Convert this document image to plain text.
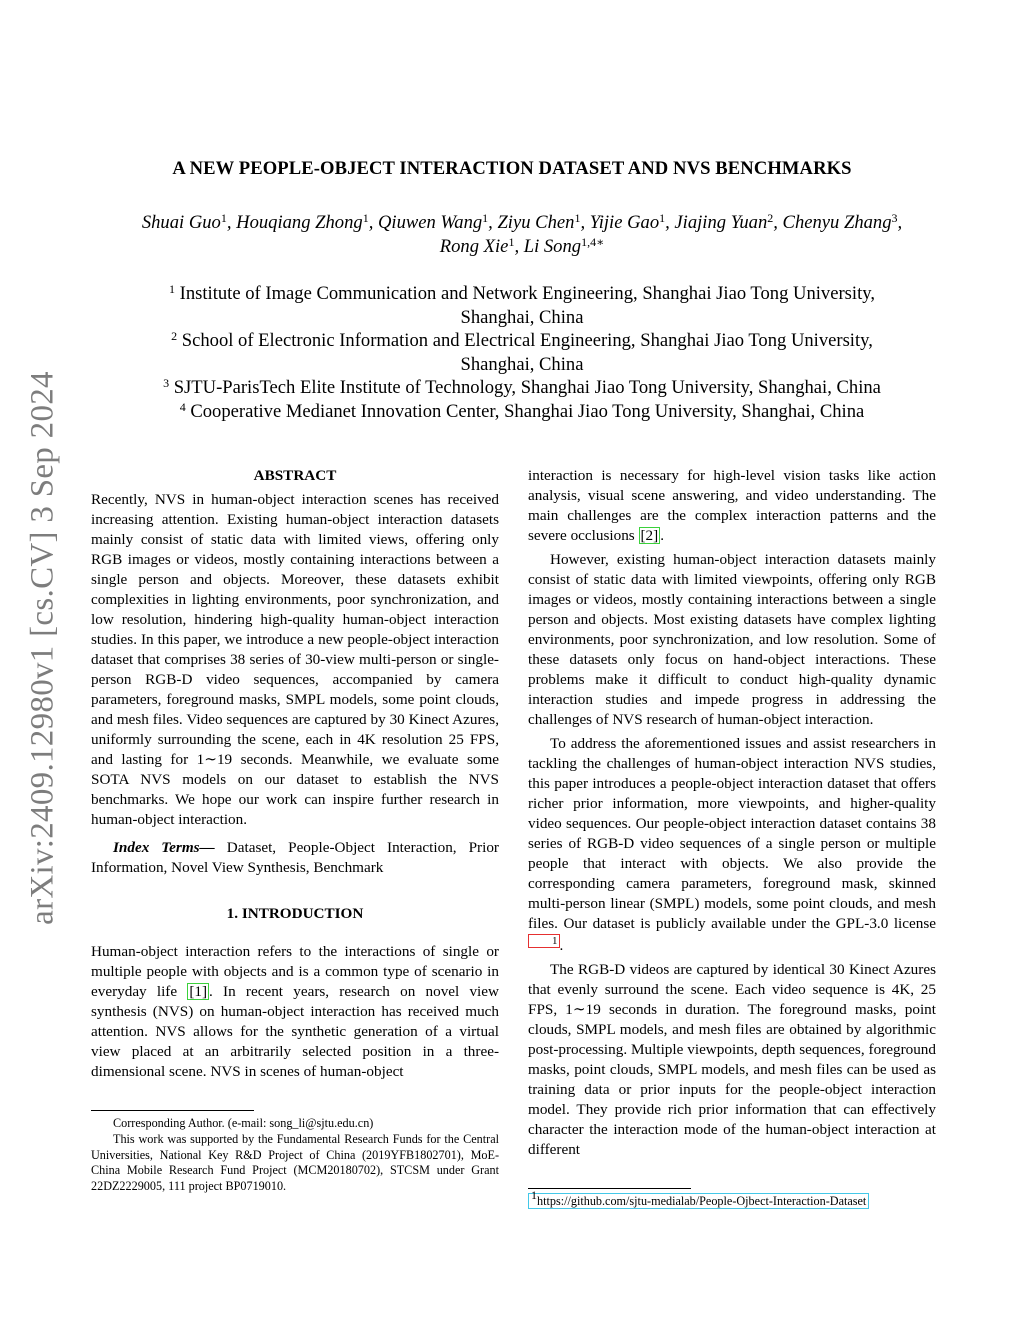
arXiv:2409.12980v1 [cs.CV] 3 Sep 2024
A NEW PEOPLE-OBJECT INTERACTION DATASET AND NVS BENCHMARKS
Shuai Guo$^1$, Houqiang Zhong$^1$, Qiuwen Wang$^1$, Ziyu Chen$^1$, Yijie Gao$^1$, Jiajing Yuan$^2$, Chenyu Zhang$^3$,
Rong Xie$^1$, Li Song$^{1,4∗}$
$^1$ Institute of Image Communication and Network Engineering, Shanghai Jiao Tong University,
Shanghai, China
$^2$ School of Electronic Information and Electrical Engineering, Shanghai Jiao Tong University,
Shanghai, China
$^3$ SJTU-ParisTech Elite Institute of Technology, Shanghai Jiao Tong University, Shanghai, China
$^4$ Cooperative Medianet Innovation Center, Shanghai Jiao Tong University, Shanghai, China

ABSTRACT

Recently, NVS in human-object interaction scenes has received increasing attention. Existing human-object interaction datasets mainly consist of static data with limited views, offering only RGB images or videos, mostly containing interactions between a single person and objects. Moreover, these datasets exhibit complexities in lighting environments, poor synchronization, and low resolution, hindering high-quality human-object interaction studies. In this paper, we introduce a new people-object interaction dataset that comprises 38 series of 30-view multi-person or single-person RGB-D video sequences, accompanied by camera parameters, foreground masks, SMPL models, some point clouds, and mesh files. Video sequences are captured by 30 Kinect Azures, uniformly surrounding the scene, each in 4K resolution 25 FPS, and lasting for 1∼19 seconds. Meanwhile, we evaluate some SOTA NVS models on our dataset to establish the NVS benchmarks. We hope our work can inspire further research in human-object interaction.

Index Terms— Dataset, People-Object Interaction, Prior Information, Novel View Synthesis, Benchmark

1. INTRODUCTION

Human-object interaction refers to the interactions of single or multiple people with objects and is a common type of scenario in everyday life [1] . In recent years, research on novel view synthesis (NVS) on human-object interaction has received much attention. NVS allows for the synthetic generation of a virtual view placed at an arbitrarily selected position in a three-dimensional scene. NVS in scenes of human-object

Corresponding Author. (e-mail: song_li@sjtu.edu.cn)

This work was supported by the Fundamental Research Funds for the Central Universities, National Key R&D Project of China (2019YFB1802701), MoE-China Mobile Research Fund Project (MCM20180702), STCSM under Grant 22DZ2229005, 111 project BP0719010.

interaction is necessary for high-level vision tasks like action analysis, visual scene answering, and video understanding. The main challenges are the complex interaction patterns and the severe occlusions [2] .

However, existing human-object interaction datasets mainly consist of static data with limited viewpoints, offering only RGB images or videos, mostly containing interactions between a single person and objects. Most existing datasets have complex lighting environments, poor synchronization, and low resolution. Some of these datasets only focus on hand-object interactions. These problems make it difficult to conduct high-quality dynamic interaction studies and impede progress in addressing the challenges of NVS research of human-object interaction.

To address the aforementioned issues and assist researchers in tackling the challenges of human-object interaction NVS studies, this paper introduces a people-object interaction dataset that offers richer prior information, more viewpoints, and higher-quality video sequences. Our people-object interaction dataset contains 38 series of RGB-D video sequences of a single person or multiple people that interact with objects. We also provide the corresponding camera parameters, foreground mask, skinned multi-person linear (SMPL) models, some point clouds, and mesh files. Our dataset is publicly available under the GPL-3.0 license1 .

The RGB-D videos are captured by identical 30 Kinect Azures that evenly surround the scene. Each video sequence is 4K, 25 FPS, 1∼19 seconds in duration. The foreground masks, point clouds, SMPL models, and mesh files are obtained by algorithmic post-processing. Multiple viewpoints, depth sequences, foreground masks, point clouds, SMPL models, and mesh files can be used as training data or prior inputs for the people-object interaction model. They provide rich prior information that can effectively character the interaction mode of the human-object interaction at different

$^1$https://github.com/sjtu-medialab/People-Ojbect-Interaction-Dataset
